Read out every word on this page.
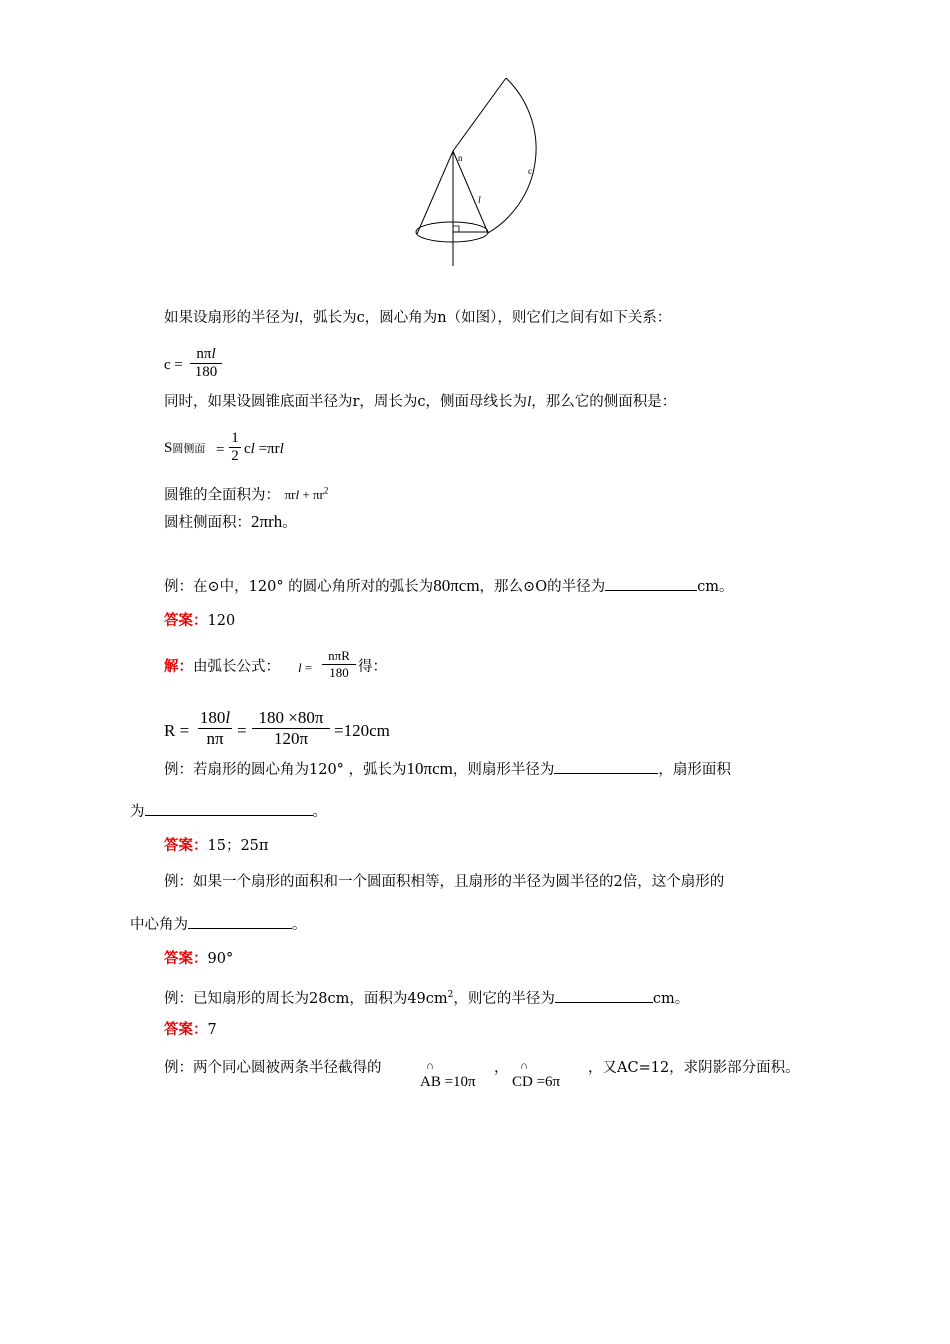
n
l
c
如果设扇形的半径为l，弧长为c，圆心角为n（如图），则它们之间有如下关系：
c =
nπl
180
同时，如果设圆锥底面半径为r，周长为c，侧面母线长为l，那么它的侧面积是：
S圆侧面 =
1
2 cl =πrl
圆锥的全面积为： $\pi rl + \pi r^2$
圆柱侧面积：2πrh。
例：在⊙中，120° 的圆心角所对的弧长为80πcm，那么⊙O的半径为	cm。
答案：120
解：由弧长公式： l =
nπR
180 得：
R =
180l
nπ =
180 ×80π
120π	=120cm
例：若扇形的圆心角为120° ，弧长为10πcm，则扇形半径为	，扇形面积
为	。
答案：15；25π
例：如果一个扇形的面积和一个圆面积相等，且扇形的半径为圆半径的2倍，这个扇形的
中心角为	。
答案：90°
例：已知扇形的周长为28cm，面积为$49cm^2$，则它的半径为	cm。
答案：7
例：两个同心圆被两条半径截得的	∩
AB =10π
， ∩
CD =6π
，又AC=12，求阴影部分面积。
